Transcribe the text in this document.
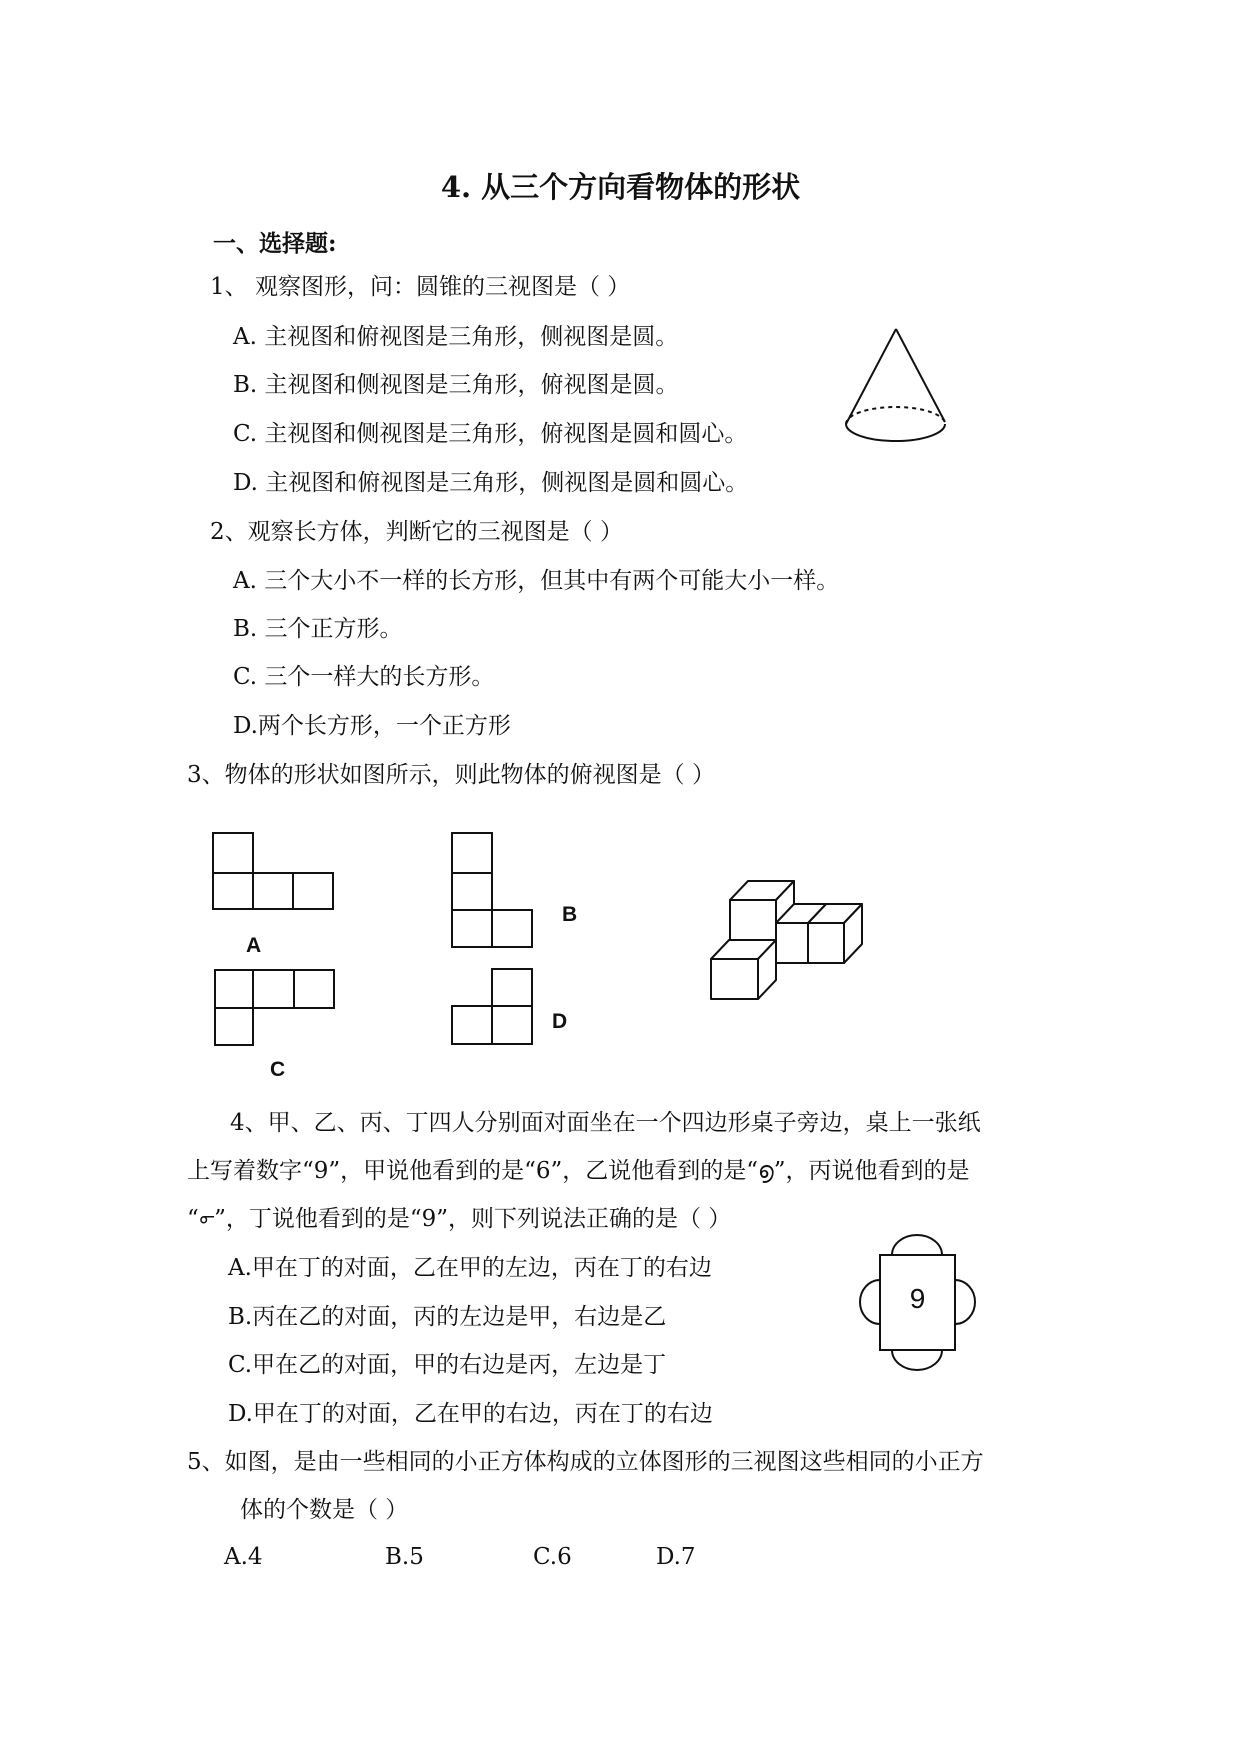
4. 从三个方向看物体的形状
一、选择题:
1、 观察图形，问：圆锥的三视图是（ ）
A. 主视图和俯视图是三角形，侧视图是圆。
B. 主视图和侧视图是三角形，俯视图是圆。
C. 主视图和侧视图是三角形，俯视图是圆和圆心。
D. 主视图和俯视图是三角形，侧视图是圆和圆心。
2、观察长方体，判断它的三视图是（ ）
A. 三个大小不一样的长方形，但其中有两个可能大小一样。
B. 三个正方形。
C. 三个一样大的长方形。
D.两个长方形，一个正方形
3、物体的形状如图所示，则此物体的俯视图是（ ）
A
B
C
D
4、甲、乙、丙、丁四人分别面对面坐在一个四边形桌子旁边，桌上一张纸
上写着数字“9”，甲说他看到的是“6”，乙说他看到的是“൭”，丙说他看到的是
“൳”，丁说他看到的是“9”，则下列说法正确的是（ ）
A.甲在丁的对面，乙在甲的左边，丙在丁的右边
B.丙在乙的对面，丙的左边是甲，右边是乙
C.甲在乙的对面，甲的右边是丙，左边是丁
D.甲在丁的对面，乙在甲的右边，丙在丁的右边
9
5、如图，是由一些相同的小正方体构成的立体图形的三视图这些相同的小正方
体的个数是（ ）
A.4	B.5	C.6	D.7
